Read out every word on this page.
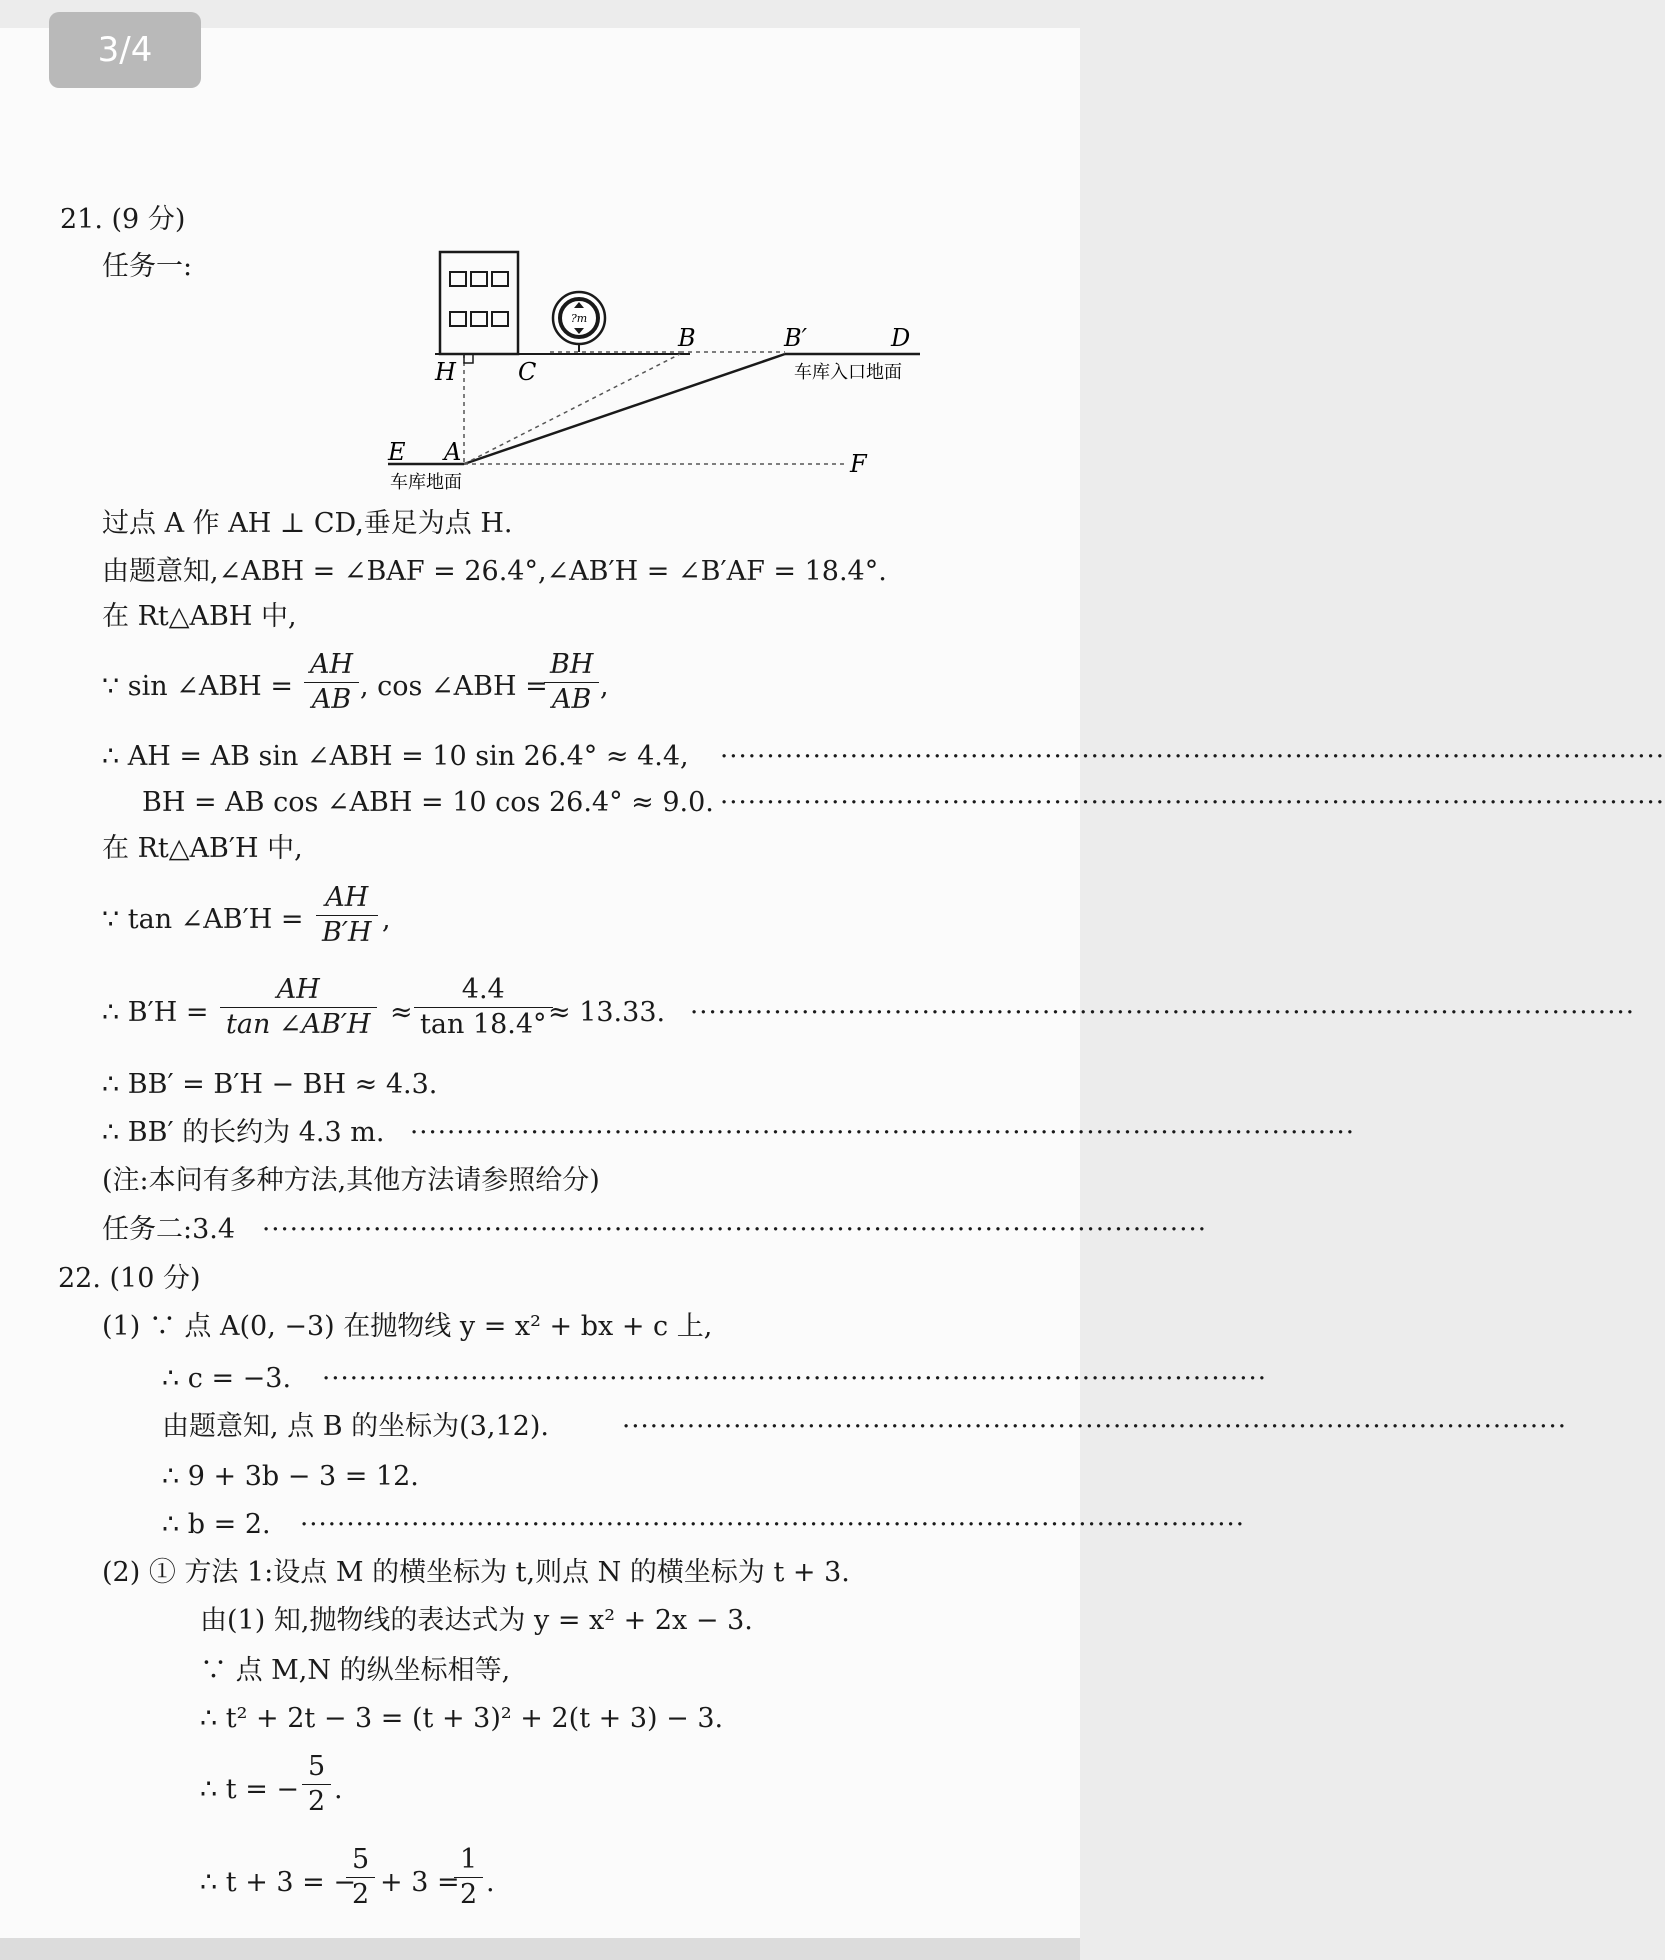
3/4
21. (9 分)
任务一:
?m
B	B′	D
H	C	车库入口地面
E A	F
车库地面
过点 A 作 AH ⊥ CD,垂足为点 H.
由题意知,∠ABH = ∠BAF = 26.4°,∠AB′H = ∠B′AF = 18.4°.
在 Rt△ABH 中,
∵ sin ∠ABH = $\frac{AH}{AB}$ , cos ∠ABH =
$\frac{BH}{AB}$ ,
∴ AH = AB sin ∠ABH = 10 sin 26.4° ≈ 4.4, ······································································································
BH = AB cos ∠ABH = 10 cos 26.4° ≈ 9.0. ······································································································
在 Rt△AB′H 中,
∵ tan ∠AB′H = $\frac{AH}{B'H}$ ,
∴ $B'H = \frac{AH}{\tan \angle AB'H} \approx \frac{4.4}{\tan 18.4^\circ}$
≈ 13.33. ······································································································
∴ BB′ = B′H − BH ≈ 4.3.
∴ BB′ 的长约为 4.3 m. ······································································································
(注:本问有多种方法,其他方法请参照给分)
任务二:3.4 ······································································································
22. (10 分)
(1) ∵ 点 A(0, −3) 在抛物线 y = x² + bx + c 上,
∴ c = −3. ······································································································
由题意知, 点 B 的坐标为(3,12).	······································································································
∴ 9 + 3b − 3 = 12.
∴ b = 2. ······································································································
(2) ① 方法 1:设点 M 的横坐标为 t,则点 N 的横坐标为 t + 3.
由(1) 知,抛物线的表达式为 y = x² + 2x − 3.
∵ 点 M,N 的纵坐标相等,
∴ t² + 2t − 3 = (t + 3)² + 2(t + 3) − 3.
∴ t = − $\frac{5}{2}$ .
∴ t + 3 = −
$\frac{5}{2} + 3$ =
$\frac{1}{2}$ .
